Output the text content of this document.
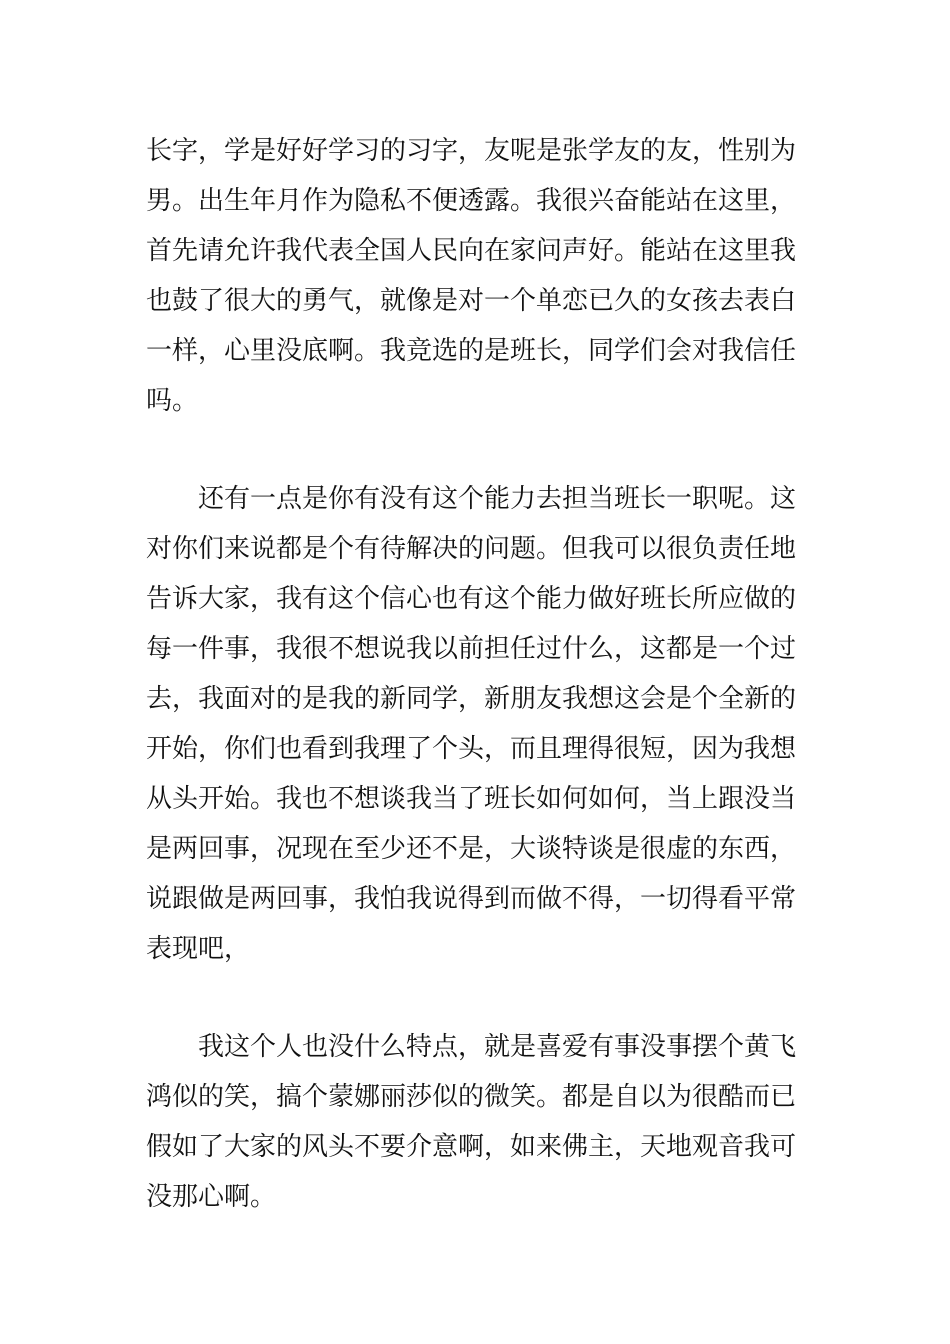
长字，学是好好学习的习字，友呢是张学友的友，性别为
男。出生年月作为隐私不便透露。我很兴奋能站在这里，
首先请允许我代表全国人民向在家问声好。能站在这里我
也鼓了很大的勇气，就像是对一个单恋已久的女孩去表白
一样，心里没底啊。我竞选的是班长，同学们会对我信任
吗。
　　还有一点是你有没有这个能力去担当班长一职呢。这
对你们来说都是个有待解决的问题。但我可以很负责任地
告诉大家，我有这个信心也有这个能力做好班长所应做的
每一件事，我很不想说我以前担任过什么，这都是一个过
去，我面对的是我的新同学，新朋友我想这会是个全新的
开始，你们也看到我理了个头，而且理得很短，因为我想
从头开始。我也不想谈我当了班长如何如何，当上跟没当
是两回事，况现在至少还不是，大谈特谈是很虚的东西，
说跟做是两回事，我怕我说得到而做不得，一切得看平常
表现吧，
　　我这个人也没什么特点，就是喜爱有事没事摆个黄飞
鸿似的笑，搞个蒙娜丽莎似的微笑。都是自以为很酷而已
假如了大家的风头不要介意啊，如来佛主，天地观音我可
没那心啊。
